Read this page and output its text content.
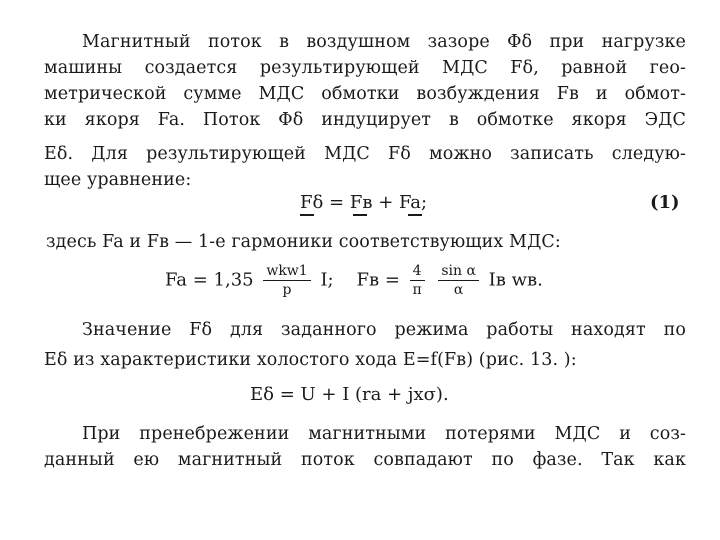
Магнитный поток в воздушном зазоре Φδ при нагрузке
машины создается результирующей МДС Fδ, равной гео-
метрической сумме МДС обмотки возбуждения Fв и обмот-
ки якоря Fa. Поток Φδ индуцирует в обмотке якоря ЭДС
Eδ. Для результирующей МДС Fδ можно записать следую-
щее уравнение:
Fδ = Fв + Fa;	(1)
здесь Fa и Fв — 1-е гармоники соответствующих МДС:
$Fa = 1,35 \frac{\text{wkw1}}{p} I$;    Fв = $\frac{4}{\pi}$
$\frac{\text{sin α}}{\alpha}$ Iв wв.
Значение Fδ для заданного режима работы находят по
Eδ из характеристики холостого хода E=f(Fв) (рис. 13. ):
Eδ = U + I (ra + jxσ).
При пренебрежении магнитными потерями МДС и соз-
данный ею магнитный поток совпадают по фазе. Так как
